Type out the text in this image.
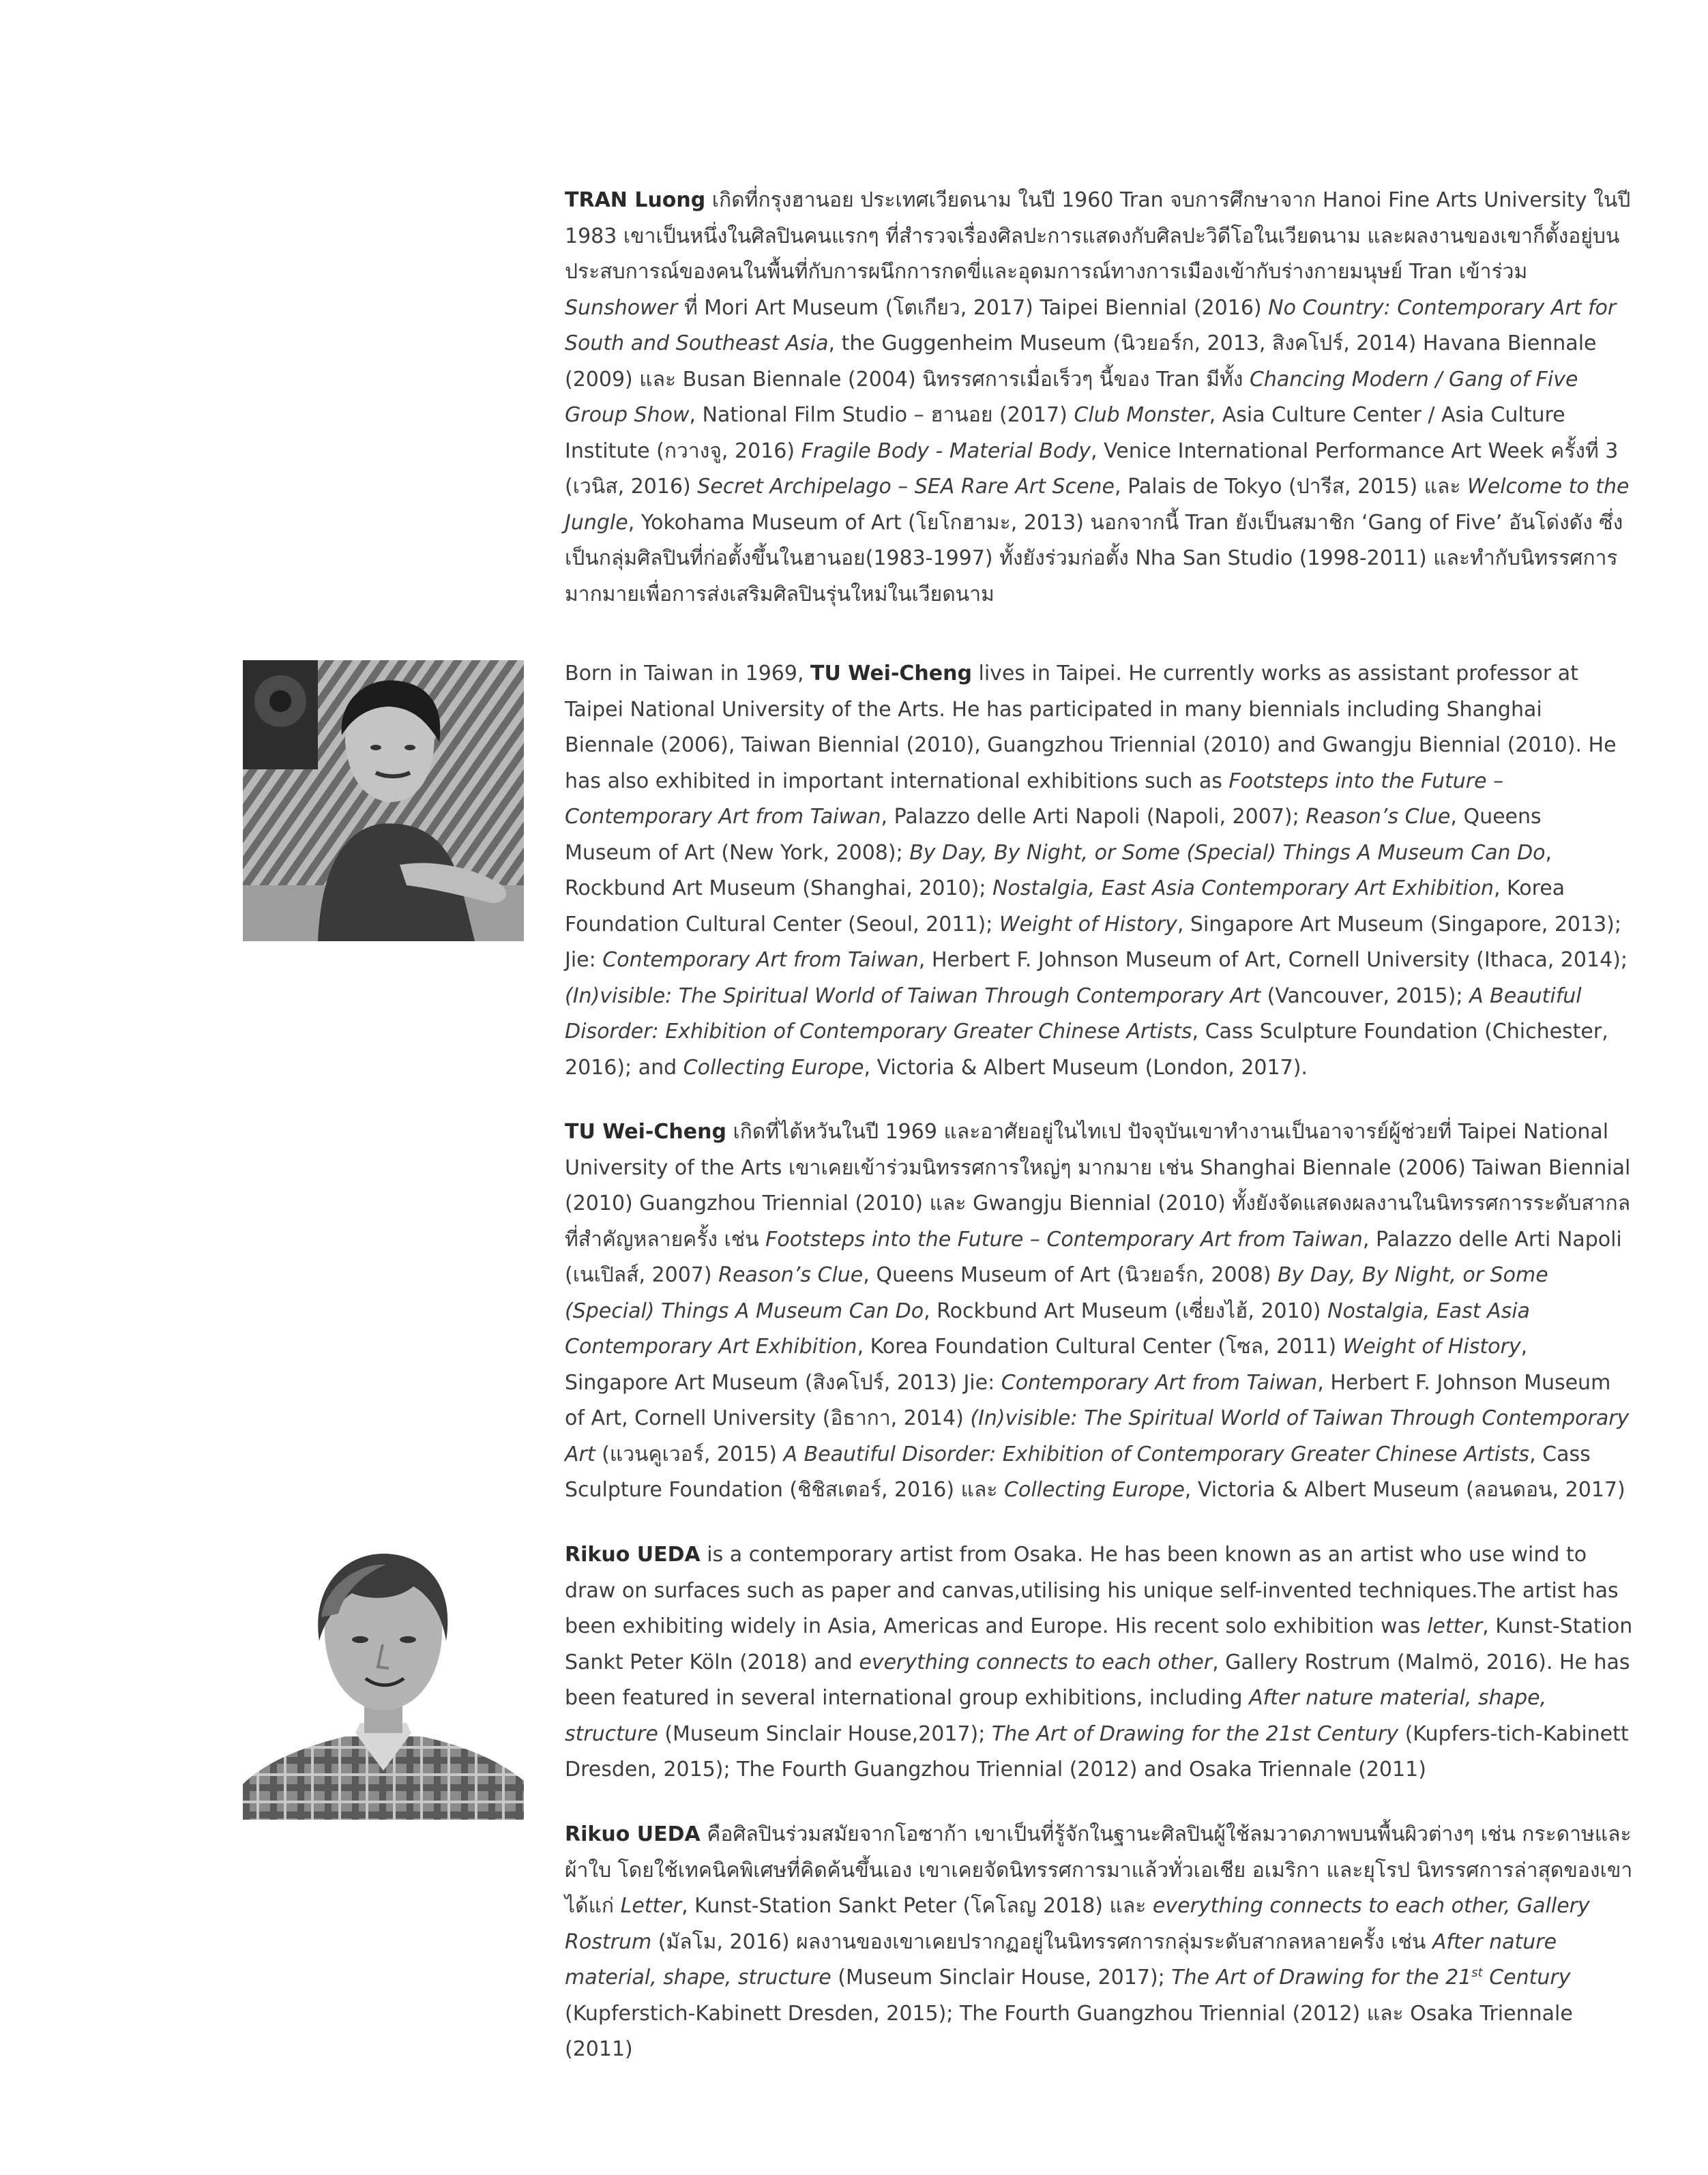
TRAN Luong เกิดที่กรุงฮานอย ประเทศเวียดนาม ในปี 1960 Tran จบการศึกษาจาก Hanoi Fine Arts University ในปี 1983 เขาเป็นหนึ่งในศิลปินคนแรกๆ ที่สำรวจเรื่องศิลปะการแสดงกับศิลปะวิดีโอในเวียดนาม และผลงานของเขาก็ตั้งอยู่บนประสบการณ์ของคนในพื้นที่กับการผนึกการกดขี่และอุดมการณ์ทางการเมืองเข้ากับร่างกายมนุษย์ Tran เข้าร่วม Sunshower ที่ Mori Art Museum (โตเกียว, 2017) Taipei Biennial (2016) No Country: Contemporary Art for South and Southeast Asia, the Guggenheim Museum (นิวยอร์ก, 2013, สิงคโปร์, 2014) Havana Biennale (2009) และ Busan Biennale (2004) นิทรรศการเมื่อเร็วๆ นี้ของ Tran มีทั้ง Chancing Modern / Gang of Five Group Show, National Film Studio – ฮานอย (2017) Club Monster, Asia Culture Center / Asia Culture Institute (กวางจู, 2016) Fragile Body - Material Body, Venice International Performance Art Week ครั้งที่ 3 (เวนิส, 2016) Secret Archipelago – SEA Rare Art Scene, Palais de Tokyo (ปารีส, 2015) และ Welcome to the Jungle, Yokohama Museum of Art (โยโกฮามะ, 2013) นอกจากนี้ Tran ยังเป็นสมาชิก ‘Gang of Five’ อันโด่งดัง ซึ่งเป็นกลุ่มศิลปินที่ก่อตั้งขึ้นในฮานอย(1983-1997) ทั้งยังร่วมก่อตั้ง Nha San Studio (1998-2011) และทำกับนิทรรศการมากมายเพื่อการส่งเสริมศิลปินรุ่นใหม่ในเวียดนาม

Born in Taiwan in 1969, TU Wei-Cheng lives in Taipei. He currently works as assistant professor at Taipei National University of the Arts. He has participated in many biennials including Shanghai Biennale (2006), Taiwan Biennial (2010), Guangzhou Triennial (2010) and Gwangju Biennial (2010). He has also exhibited in important international exhibitions such as Footsteps into the Future – Contemporary Art from Taiwan, Palazzo delle Arti Napoli (Napoli, 2007); Reason’s Clue, Queens Museum of Art (New York, 2008); By Day, By Night, or Some (Special) Things A Museum Can Do, Rockbund Art Museum (Shanghai, 2010); Nostalgia, East Asia Contemporary Art Exhibition, Korea Foundation Cultural Center (Seoul, 2011); Weight of History, Singapore Art Museum (Singapore, 2013); Jie: Contemporary Art from Taiwan, Herbert F. Johnson Museum of Art, Cornell University (Ithaca, 2014); (In)visible: The Spiritual World of Taiwan Through Contemporary Art (Vancouver, 2015); A Beautiful Disorder: Exhibition of Contemporary Greater Chinese Artists, Cass Sculpture Foundation (Chichester, 2016); and Collecting Europe, Victoria & Albert Museum (London, 2017).

TU Wei-Cheng เกิดที่ไต้หวันในปี 1969 และอาศัยอยู่ในไทเป ปัจจุบันเขาทำงานเป็นอาจารย์ผู้ช่วยที่ Taipei National University of the Arts เขาเคยเข้าร่วมนิทรรศการใหญ่ๆ มากมาย เช่น Shanghai Biennale (2006) Taiwan Biennial (2010) Guangzhou Triennial (2010) และ Gwangju Biennial (2010) ทั้งยังจัดแสดงผลงานในนิทรรศการระดับสากลที่สำคัญหลายครั้ง เช่น Footsteps into the Future – Contemporary Art from Taiwan, Palazzo delle Arti Napoli (เนเปิลส์, 2007) Reason’s Clue, Queens Museum of Art (นิวยอร์ก, 2008) By Day, By Night, or Some (Special) Things A Museum Can Do, Rockbund Art Museum (เซี่ยงไฮ้, 2010) Nostalgia, East Asia Contemporary Art Exhibition, Korea Foundation Cultural Center (โซล, 2011) Weight of History, Singapore Art Museum (สิงคโปร์, 2013) Jie: Contemporary Art from Taiwan, Herbert F. Johnson Museum of Art, Cornell University (อิธากา, 2014) (In)visible: The Spiritual World of Taiwan Through Contemporary Art (แวนคูเวอร์, 2015) A Beautiful Disorder: Exhibition of Contemporary Greater Chinese Artists, Cass Sculpture Foundation (ชิชิสเตอร์, 2016) และ Collecting Europe, Victoria & Albert Museum (ลอนดอน, 2017)

Rikuo UEDA is a contemporary artist from Osaka. He has been known as an artist who use wind to draw on surfaces such as paper and canvas,utilising his unique self-invented techniques.The artist has been exhibiting widely in Asia, Americas and Europe. His recent solo exhibition was letter, Kunst-Station Sankt Peter Köln (2018) and everything connects to each other, Gallery Rostrum (Malmö, 2016). He has been featured in several international group exhibitions, including After nature material, shape, structure (Museum Sinclair House,2017); The Art of Drawing for the 21st Century (Kupfers-tich-Kabinett Dresden, 2015); The Fourth Guangzhou Triennial (2012) and Osaka Triennale (2011)

Rikuo UEDA คือศิลปินร่วมสมัยจากโอซาก้า เขาเป็นที่รู้จักในฐานะศิลปินผู้ใช้ลมวาดภาพบนพื้นผิวต่างๆ เช่น กระดาษและผ้าใบ โดยใช้เทคนิคพิเศษที่คิดค้นขึ้นเอง เขาเคยจัดนิทรรศการมาแล้วทั่วเอเชีย อเมริกา และยุโรป นิทรรศการล่าสุดของเขาได้แก่ Letter, Kunst-Station Sankt Peter (โคโลญ 2018) และ everything connects to each other, Gallery Rostrum (มัลโม, 2016) ผลงานของเขาเคยปรากฏอยู่ในนิทรรศการกลุ่มระดับสากลหลายครั้ง เช่น After nature material, shape, structure (Museum Sinclair House, 2017); The Art of Drawing for the 21st Century (Kupferstich-Kabinett Dresden, 2015); The Fourth Guangzhou Triennial (2012) และ Osaka Triennale (2011)
